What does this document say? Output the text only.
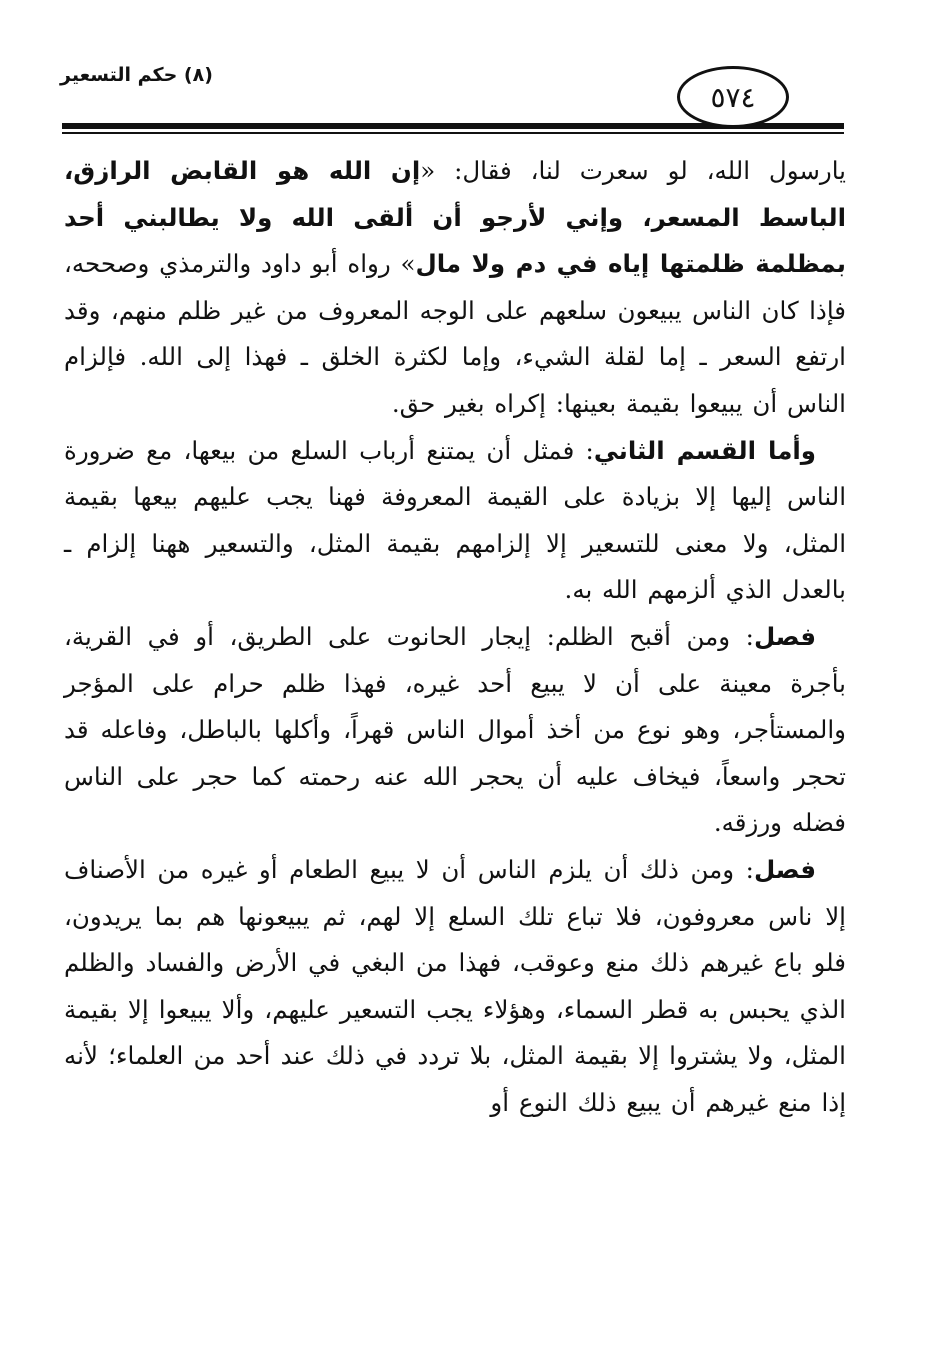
(٨) حكم التسعير
٥٧٤

يارسول الله، لو سعرت لنا، فقال: «إن الله هو القابض الرازق، الباسط المسعر، وإني لأرجو أن ألقى الله ولا يطالبني أحد بمظلمة ظلمتها إياه في دم ولا مال» رواه أبو داود والترمذي وصححه، فإذا كان الناس يبيعون سلعهم على الوجه المعروف من غير ظلم منهم، وقد ارتفع السعر ـ إما لقلة الشيء، وإما لكثرة الخلق ـ فهذا إلى الله. فإلزام الناس أن يبيعوا بقيمة بعينها: إكراه بغير حق.

وأما القسم الثاني: فمثل أن يمتنع أرباب السلع من بيعها، مع ضرورة الناس إليها إلا بزيادة على القيمة المعروفة فهنا يجب عليهم بيعها بقيمة المثل، ولا معنى للتسعير إلا إلزامهم بقيمة المثل، والتسعير ههنا إلزام ـ بالعدل الذي ألزمهم الله به.

فصل: ومن أقبح الظلم: إيجار الحانوت على الطريق، أو في القرية، بأجرة معينة على أن لا يبيع أحد غيره، فهذا ظلم حرام على المؤجر والمستأجر، وهو نوع من أخذ أموال الناس قهراً، وأكلها بالباطل، وفاعله قد تحجر واسعاً، فيخاف عليه أن يحجر الله عنه رحمته كما حجر على الناس فضله ورزقه.

فصل: ومن ذلك أن يلزم الناس أن لا يبيع الطعام أو غيره من الأصناف إلا ناس معروفون، فلا تباع تلك السلع إلا لهم، ثم يبيعونها هم بما يريدون، فلو باع غيرهم ذلك منع وعوقب، فهذا من البغي في الأرض والفساد والظلم الذي يحبس به قطر السماء، وهؤلاء يجب التسعير عليهم، وألا يبيعوا إلا بقيمة المثل، ولا يشتروا إلا بقيمة المثل، بلا تردد في ذلك عند أحد من العلماء؛ لأنه إذا منع غيرهم أن يبيع ذلك النوع أو
